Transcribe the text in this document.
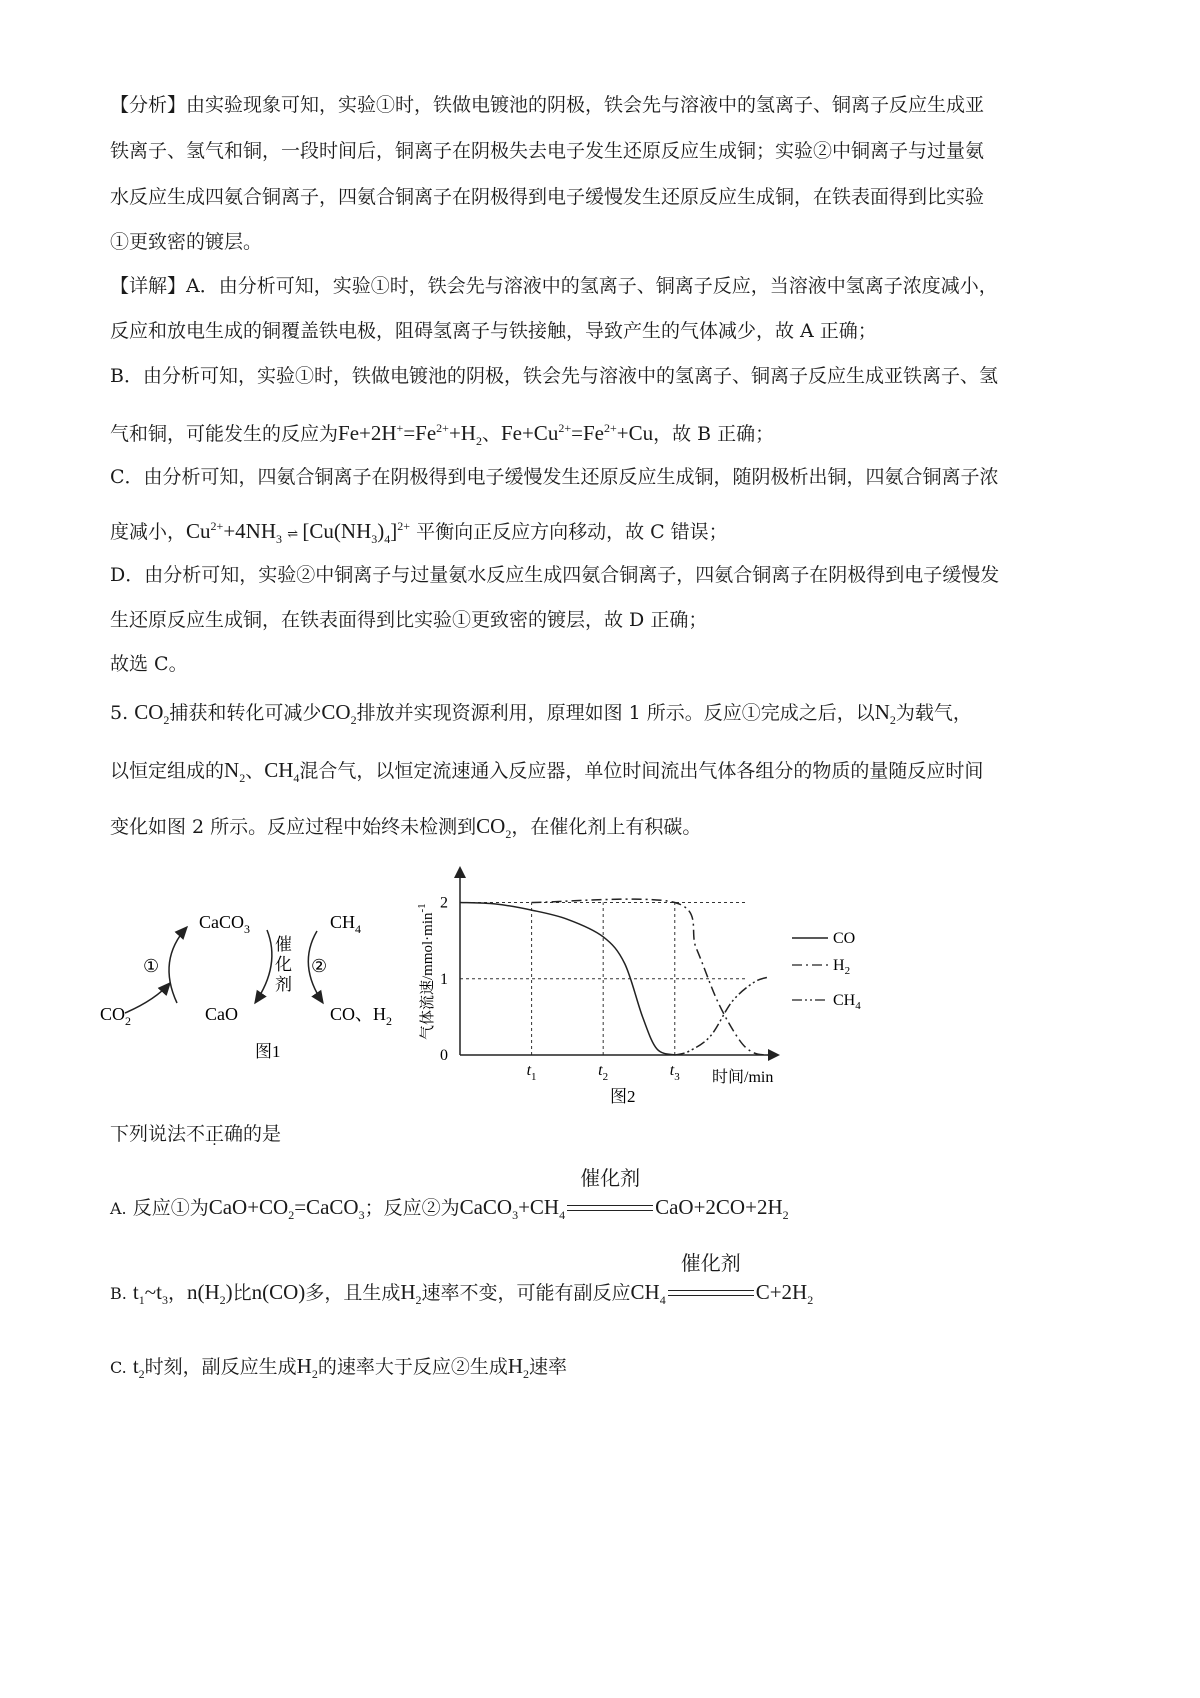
【分析】由实验现象可知，实验①时，铁做电镀池的阴极，铁会先与溶液中的氢离子、铜离子反应生成亚
铁离子、氢气和铜，一段时间后，铜离子在阴极失去电子发生还原反应生成铜；实验②中铜离子与过量氨
水反应生成四氨合铜离子，四氨合铜离子在阴极得到电子缓慢发生还原反应生成铜，在铁表面得到比实验
①更致密的镀层。
【详解】A．由分析可知，实验①时，铁会先与溶液中的氢离子、铜离子反应，当溶液中氢离子浓度减小，
反应和放电生成的铜覆盖铁电极，阻碍氢离子与铁接触，导致产生的气体减少，故 A 正确；
B．由分析可知，实验①时，铁做电镀池的阴极，铁会先与溶液中的氢离子、铜离子反应生成亚铁离子、氢
气和铜，可能发生的反应为$Fe+2H^+=Fe^{2+}+H_2$、$Fe+Cu^{2+}=Fe^{2+}+Cu$，故 B 正确；
C．由分析可知，四氨合铜离子在阴极得到电子缓慢发生还原反应生成铜，随阴极析出铜，四氨合铜离子浓
度减小，$Cu^{2+}+4NH_3$ ⇌ $[Cu(NH_3)_4]^{2+}$ 平衡向正反应方向移动，故 C 错误；
D．由分析可知，实验②中铜离子与过量氨水反应生成四氨合铜离子，四氨合铜离子在阴极得到电子缓慢发
生还原反应生成铜，在铁表面得到比实验①更致密的镀层，故 D 正确；
故选 C。
5. $CO_2$捕获和转化可减少$CO_2$排放并实现资源利用，原理如图 1 所示。反应①完成之后，以$N_2$为载气，
以恒定组成的$N_2$、$CH_4$混合气，以恒定流速通入反应器，单位时间流出气体各组分的物质的量随反应时间
变化如图 2 所示。反应过程中始终未检测到$CO_2$，在催化剂上有积碳。
CaCO$_3$
CaO
$CO_2$
$CH_4$
CO、$H_2$
催
化
剂
①	②
图1	0
1
2
$t_1$	$t_2$	$t_3$ 时间/min
气体流速$/mmol\cdot\min^{-1}$
图2
CO
$H_2$
$CH_4$
下列说法不正确的是
A. 反应①为$CaO+CO_2=CaCO_3$；反应②为$CaCO_3+CH_4$
催化剂
$CaO+2CO+2H_2$
B. $t_1\sim t_3$，$n(H_2)$比n(CO)多，且生成$H_2$速率不变，可能有副反应$CH_4$
催化剂
$C+2H_2$
C. $t_2$时刻，副反应生成$H_2$的速率大于反应②生成$H_2$速率
